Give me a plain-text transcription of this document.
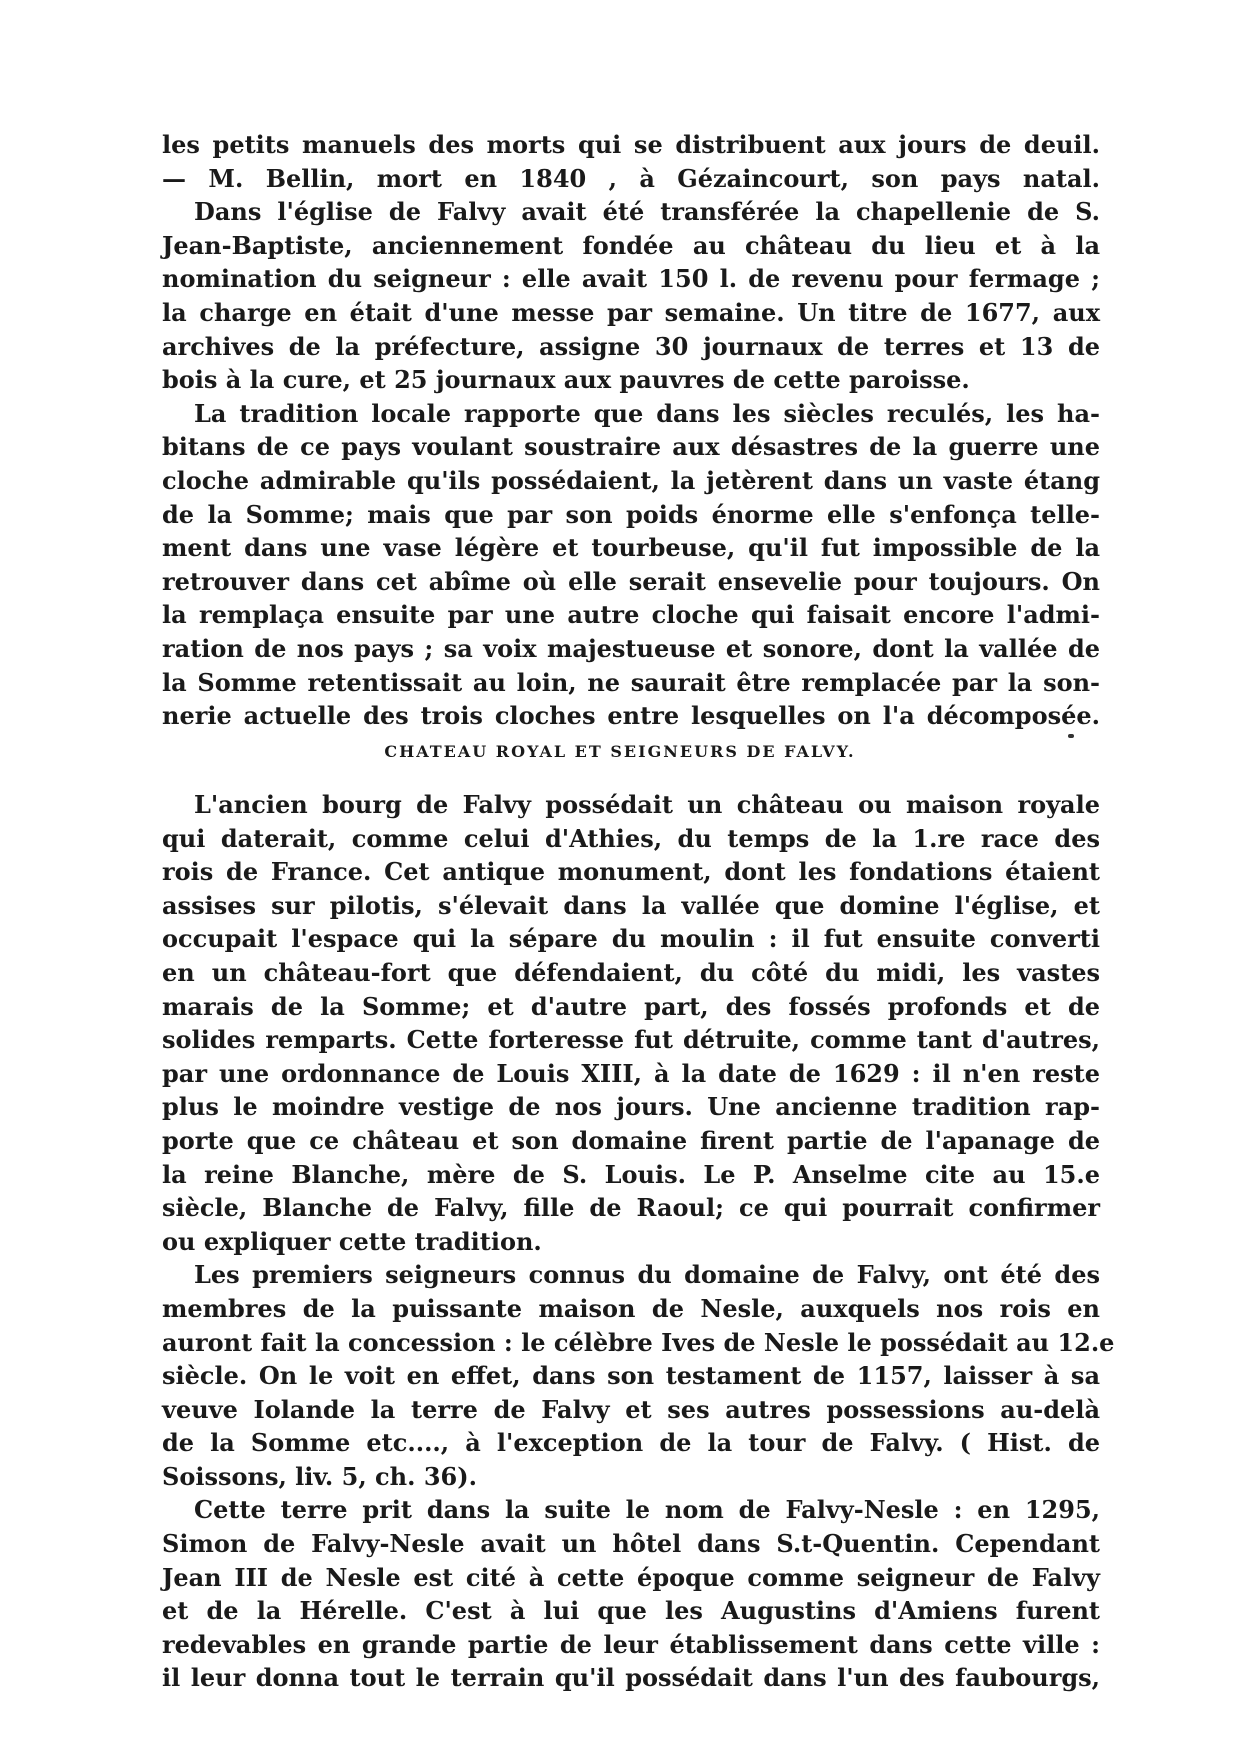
les petits manuels des morts qui se distribuent aux jours de deuil.
— M. Bellin, mort en 1840 , à Gézaincourt, son pays natal.
Dans l'église de Falvy avait été transférée la chapellenie de S.
Jean-Baptiste, anciennement fondée au château du lieu et à la
nomination du seigneur : elle avait 150 l. de revenu pour fermage ;
la charge en était d'une messe par semaine. Un titre de 1677, aux
archives de la préfecture, assigne 30 journaux de terres et 13 de
bois à la cure, et 25 journaux aux pauvres de cette paroisse.
La tradition locale rapporte que dans les siècles reculés, les ha-
bitans de ce pays voulant soustraire aux désastres de la guerre une
cloche admirable qu'ils possédaient, la jetèrent dans un vaste étang
de la Somme; mais que par son poids énorme elle s'enfonça telle-
ment dans une vase légère et tourbeuse, qu'il fut impossible de la
retrouver dans cet abîme où elle serait ensevelie pour toujours. On
la remplaça ensuite par une autre cloche qui faisait encore l'admi-
ration de nos pays ; sa voix majestueuse et sonore, dont la vallée de
la Somme retentissait au loin, ne saurait être remplacée par la son-
nerie actuelle des trois cloches entre lesquelles on l'a décomposée.
CHATEAU ROYAL ET SEIGNEURS DE FALVY.
L'ancien bourg de Falvy possédait un château ou maison royale
qui daterait, comme celui d'Athies, du temps de la 1.re race des
rois de France. Cet antique monument, dont les fondations étaient
assises sur pilotis, s'élevait dans la vallée que domine l'église, et
occupait l'espace qui la sépare du moulin : il fut ensuite converti
en un château-fort que défendaient, du côté du midi, les vastes
marais de la Somme; et d'autre part, des fossés profonds et de
solides remparts. Cette forteresse fut détruite, comme tant d'autres,
par une ordonnance de Louis XIII, à la date de 1629 : il n'en reste
plus le moindre vestige de nos jours. Une ancienne tradition rap-
porte que ce château et son domaine firent partie de l'apanage de
la reine Blanche, mère de S. Louis. Le P. Anselme cite au 15.e
siècle, Blanche de Falvy, fille de Raoul; ce qui pourrait confirmer
ou expliquer cette tradition.
Les premiers seigneurs connus du domaine de Falvy, ont été des
membres de la puissante maison de Nesle, auxquels nos rois en
auront fait la concession : le célèbre Ives de Nesle le possédait au 12.e
siècle. On le voit en effet, dans son testament de 1157, laisser à sa
veuve Iolande la terre de Falvy et ses autres possessions au-delà
de la Somme etc...., à l'exception de la tour de Falvy. ( Hist. de
Soissons, liv. 5, ch. 36).
Cette terre prit dans la suite le nom de Falvy-Nesle : en 1295,
Simon de Falvy-Nesle avait un hôtel dans S.t-Quentin. Cependant
Jean III de Nesle est cité à cette époque comme seigneur de Falvy
et de la Hérelle. C'est à lui que les Augustins d'Amiens furent
redevables en grande partie de leur établissement dans cette ville :
il leur donna tout le terrain qu'il possédait dans l'un des faubourgs,
